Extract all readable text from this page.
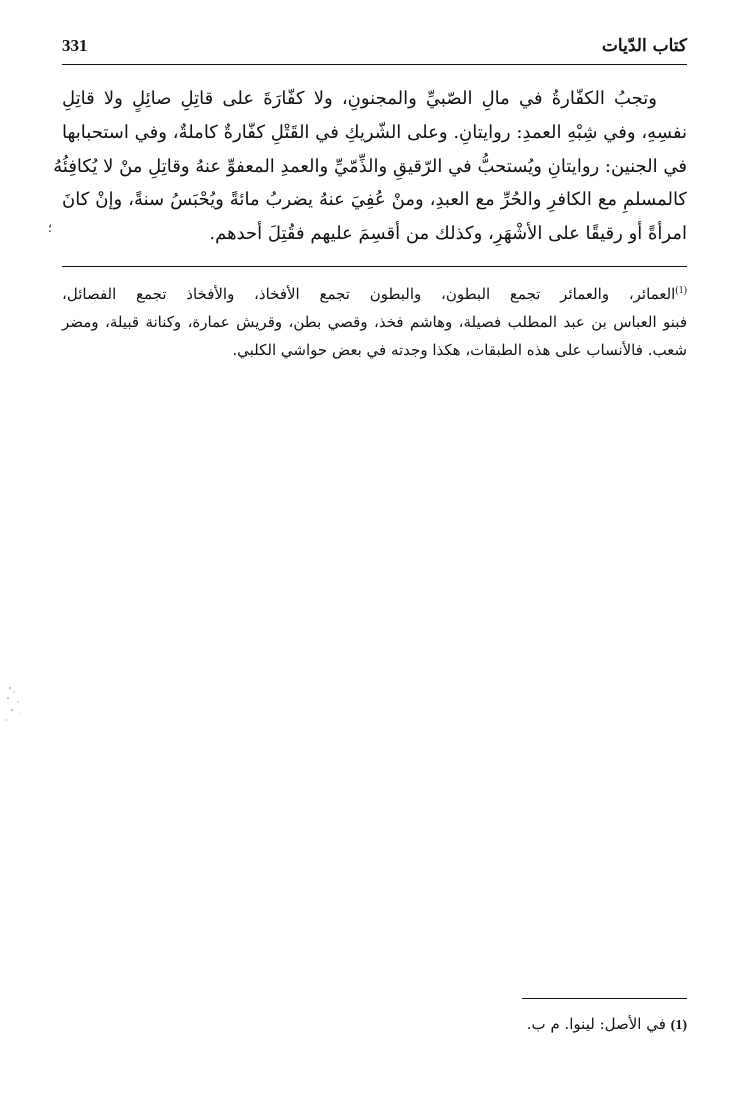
331	كتاب الدّيات
وتجبُ الكفّارةُ في مالِ الصّبيِّ والمجنونِ، ولا كفّارَةَ على قاتِلِ صائِلٍ ولا قاتِلِ
نفسِهِ، وفي شِبْهِ العمدِ: روايتانِ. وعلى الشّريكِ في القَتْلِ كفّارةٌ كاملةٌ، وفي استحبابها
في الجنين: روايتانِ ويُستحبُّ في الرّقيقِ والذِّمّيِّ والعمدِ المعفوِّ عنهُ وقاتِلِ منْ لا يُكافِئُهُ
كالمسلمِ مع الكافرِ والحُرِّ مع العبدِ، ومنْ عُفِيَ عنهُ يضربُ مائةً ويُحْبَسُ سنةً، وإنْ كانَ
امرأةً أو رقيقًا على الأشْهَرِ، وكذلك من أقسِمَ عليهم فقُتِلَ أحدهم.
؛
$^{(1)}$العمائر، والعمائر تجمع البطون، والبطون تجمع الأفخاذ، والأفخاذ تجمع الفصائل،
فبنو العباس بن عبد المطلب فصيلة، وهاشم فخذ، وقصي بطن، وقريش عمارة، وكنانة قبيلة، ومضر
شعب. فالأنساب على هذه الطبقات، هكذا وجدته في بعض حواشي الكلبي.
(1) في الأصل: لينوا. م ب.
